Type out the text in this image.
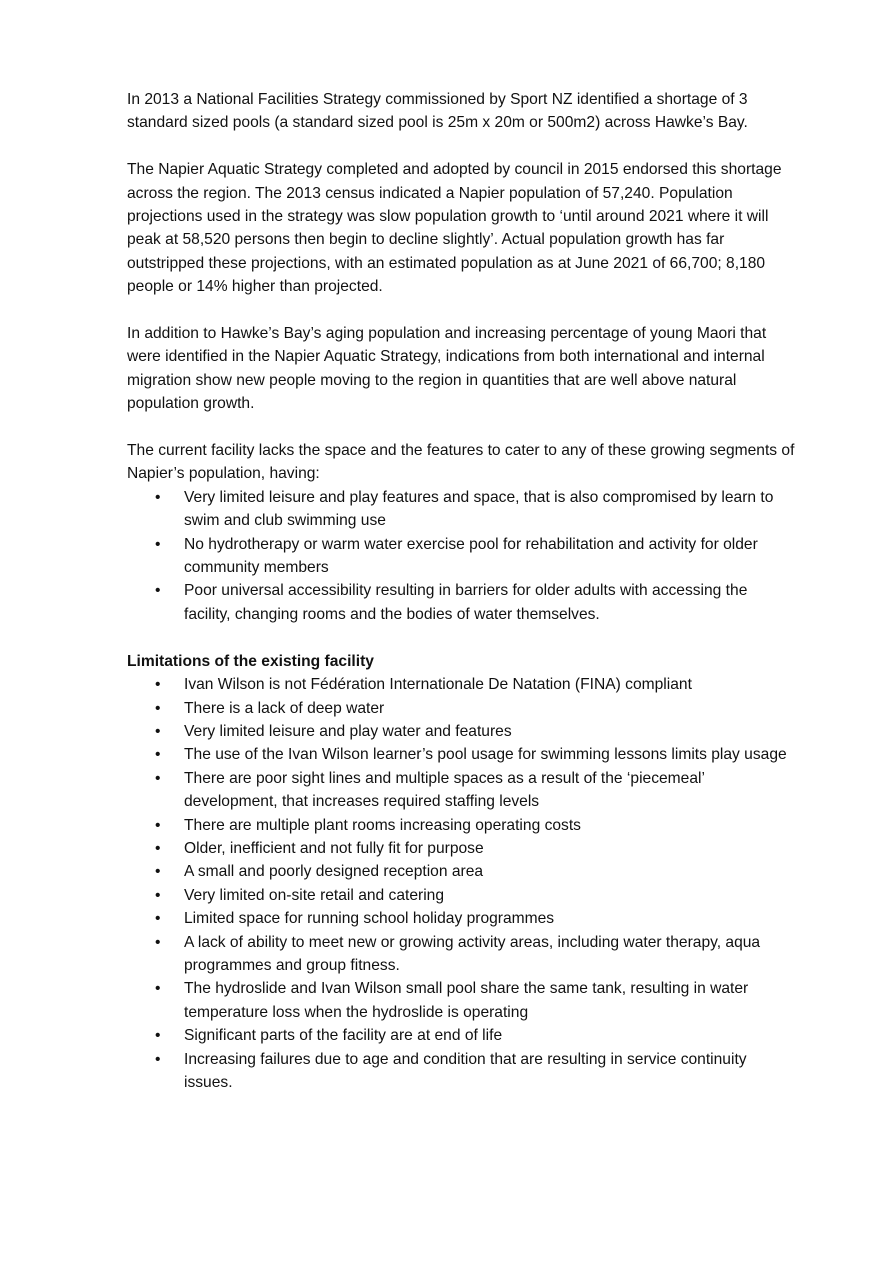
In 2013 a National Facilities Strategy commissioned by Sport NZ identified a shortage of 3 standard sized pools (a standard sized pool is 25m x 20m or 500m2) across Hawke’s Bay.

The Napier Aquatic Strategy completed and adopted by council in 2015 endorsed this shortage across the region. The 2013 census indicated a Napier population of 57,240. Population projections used in the strategy was slow population growth to ‘until around 2021 where it will peak at 58,520 persons then begin to decline slightly’. Actual population growth has far outstripped these projections, with an estimated population as at June 2021 of 66,700; 8,180 people or 14% higher than projected.

In addition to Hawke’s Bay’s aging population and increasing percentage of young Maori that were identified in the Napier Aquatic Strategy, indications from both international and internal migration show new people moving to the region in quantities that are well above natural population growth.

The current facility lacks the space and the features to cater to any of these growing segments of Napier’s population, having:

• Very limited leisure and play features and space, that is also compromised by learn to swim and club swimming use
• No hydrotherapy or warm water exercise pool for rehabilitation and activity for older community members
• Poor universal accessibility resulting in barriers for older adults with accessing the facility, changing rooms and the bodies of water themselves.

Limitations of the existing facility

• Ivan Wilson is not Fédération Internationale De Natation (FINA) compliant
• There is a lack of deep water
• Very limited leisure and play water and features
• The use of the Ivan Wilson learner’s pool usage for swimming lessons limits play usage
• There are poor sight lines and multiple spaces as a result of the ‘piecemeal’ development, that increases required staffing levels
• There are multiple plant rooms increasing operating costs
• Older, inefficient and not fully fit for purpose
• A small and poorly designed reception area
• Very limited on-site retail and catering
• Limited space for running school holiday programmes
• A lack of ability to meet new or growing activity areas, including water therapy, aqua programmes and group fitness.
• The hydroslide and Ivan Wilson small pool share the same tank, resulting in water temperature loss when the hydroslide is operating
• Significant parts of the facility are at end of life
• Increasing failures due to age and condition that are resulting in service continuity issues.
